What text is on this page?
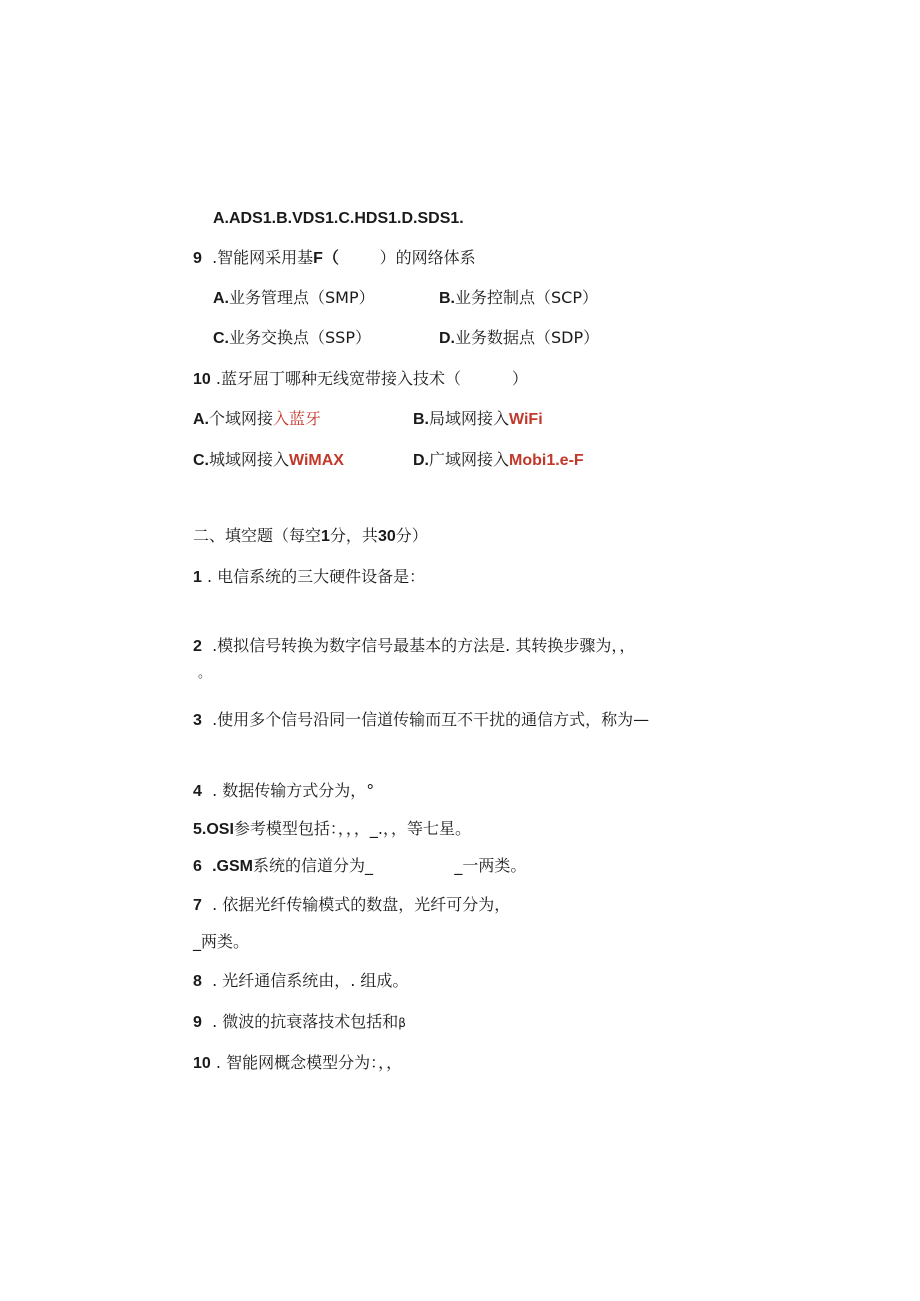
A.ADS1.B.VDS1.C.HDS1.D.SDS1.
9 .智能网采用基F（	）的网络体系
A.业务管理点（SMP）	B.业务控制点（SCP）
C.业务交换点（SSP）	D.业务数据点（SDP）
10 .蓝牙屈丁哪种无线宽带接入技术（	）
A.个域网接入蓝牙	B.局域网接入WiFi
C.城域网接入WiMAX	D.广域网接入Mobi1.e-F
二、填空题（每空1分，共30分）
1 . 电信系统的三大硬件设备是：
2 .模拟信号转换为数字信号最基本的方法是. 其转换步骤为，，
。
3 .使用多个信号沿同一信道传输而互不干扰的通信方式，称为—
4 . 数据传输方式分为，°
5.OSI参考模型包括：，，，_.，，等七星。
6 .GSM系统的信道分为_	_一两类。
7 . 依据光纤传输模式的数盘，光纤可分为，
_两类。
8 . 光纤通信系统由，. 组成。
9 . 微波的抗衰落技术包括和β
10 . 智能网概念模型分为：，，
